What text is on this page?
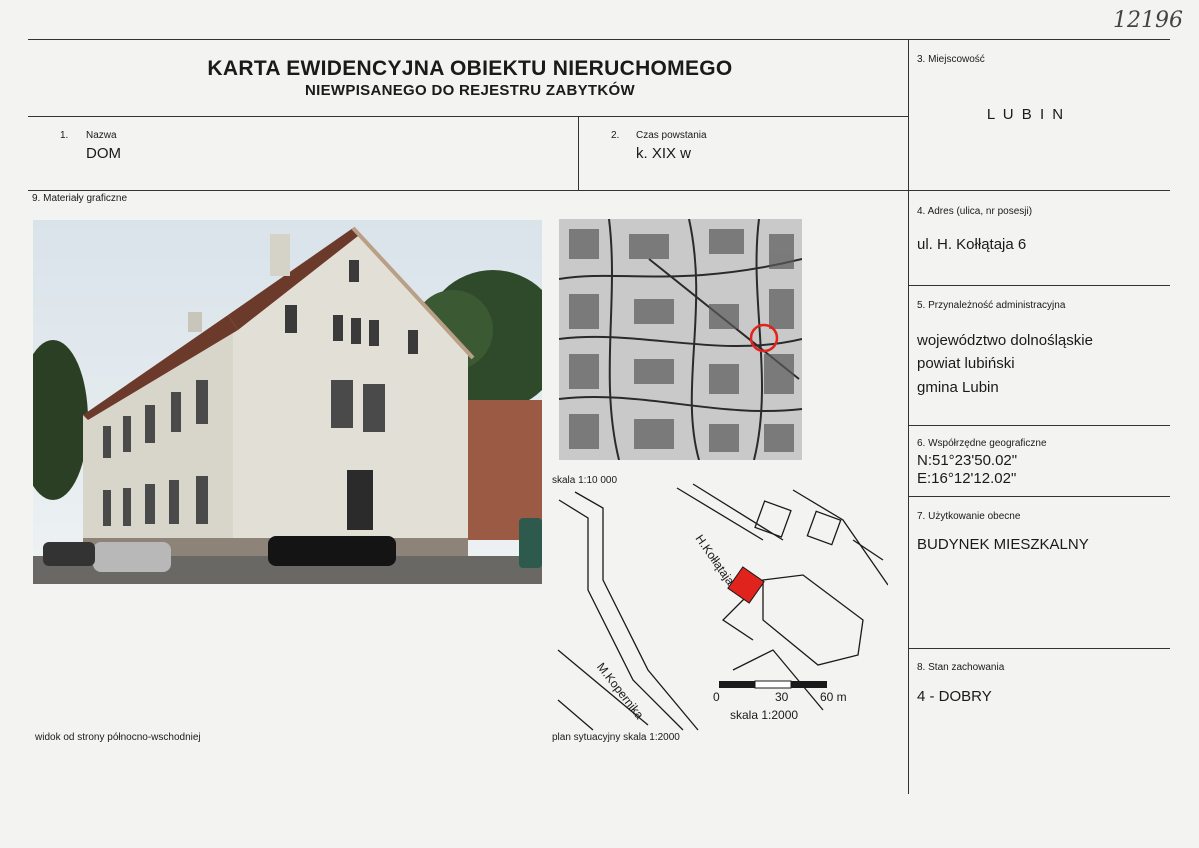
12196
KARTA EWIDENCYJNA OBIEKTU NIERUCHOMEGO
NIEWPISANEGO DO REJESTRU ZABYTKÓW
1. Nazwa
DOM
2. Czas powstania
k. XIX w
3. Miejscowość
L U B I N
4. Adres (ulica, nr posesji)
ul. H. Kołłątaja 6
5. Przynależność administracyjna
województwo dolnośląskie
powiat lubiński
gmina Lubin
6. Współrzędne geograficzne
N:51°23'50.02"
E:16°12'12.02"
7. Użytkowanie obecne
BUDYNEK MIESZKALNY
8. Stan zachowania
4 - DOBRY
9. Materiały graficzne
skala 1:10 000
H.Kołłątaja
M.Kopernika	0	30	60 m
skala 1:2000
widok od strony północno-wschodniej	plan sytuacyjny skala 1:2000
